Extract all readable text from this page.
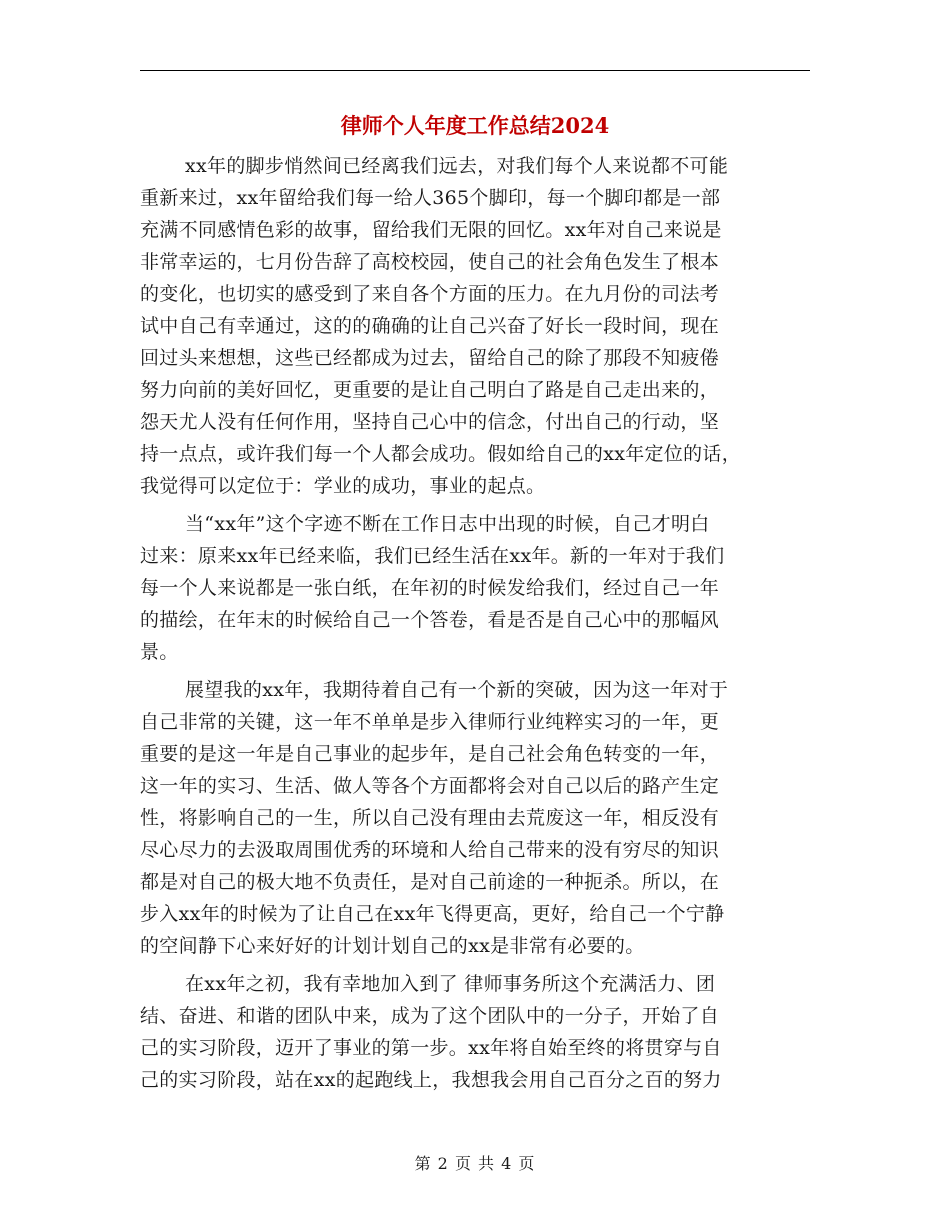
律师个人年度工作总结2024

xx年的脚步悄然间已经离我们远去，对我们每个人来说都不可能
重新来过，xx年留给我们每一给人365个脚印，每一个脚印都是一部
充满不同感情色彩的故事，留给我们无限的回忆。xx年对自己来说是
非常幸运的，七月份告辞了高校校园，使自己的社会角色发生了根本
的变化，也切实的感受到了来自各个方面的压力。在九月份的司法考
试中自己有幸通过，这的的确确的让自己兴奋了好长一段时间，现在
回过头来想想，这些已经都成为过去，留给自己的除了那段不知疲倦
努力向前的美好回忆，更重要的是让自己明白了路是自己走出来的，
怨天尤人没有任何作用，坚持自己心中的信念，付出自己的行动，坚
持一点点，或许我们每一个人都会成功。假如给自己的xx年定位的话，
我觉得可以定位于：学业的成功，事业的起点。

当“xx年”这个字迹不断在工作日志中出现的时候，自己才明白
过来：原来xx年已经来临，我们已经生活在xx年。新的一年对于我们
每一个人来说都是一张白纸，在年初的时候发给我们，经过自己一年
的描绘，在年末的时候给自己一个答卷，看是否是自己心中的那幅风
景。

展望我的xx年，我期待着自己有一个新的突破，因为这一年对于
自己非常的关键，这一年不单单是步入律师行业纯粹实习的一年，更
重要的是这一年是自己事业的起步年，是自己社会角色转变的一年，
这一年的实习、生活、做人等各个方面都将会对自己以后的路产生定
性，将影响自己的一生，所以自己没有理由去荒废这一年，相反没有
尽心尽力的去汲取周围优秀的环境和人给自己带来的没有穷尽的知识
都是对自己的极大地不负责任，是对自己前途的一种扼杀。所以，在
步入xx年的时候为了让自己在xx年飞得更高，更好，给自己一个宁静
的空间静下心来好好的计划计划自己的xx是非常有必要的。

在xx年之初，我有幸地加入到了 律师事务所这个充满活力、团
结、奋进、和谐的团队中来，成为了这个团队中的一分子，开始了自
己的实习阶段，迈开了事业的第一步。xx年将自始至终的将贯穿与自
己的实习阶段，站在xx的起跑线上，我想我会用自己百分之百的努力

第 2 页 共 4 页
